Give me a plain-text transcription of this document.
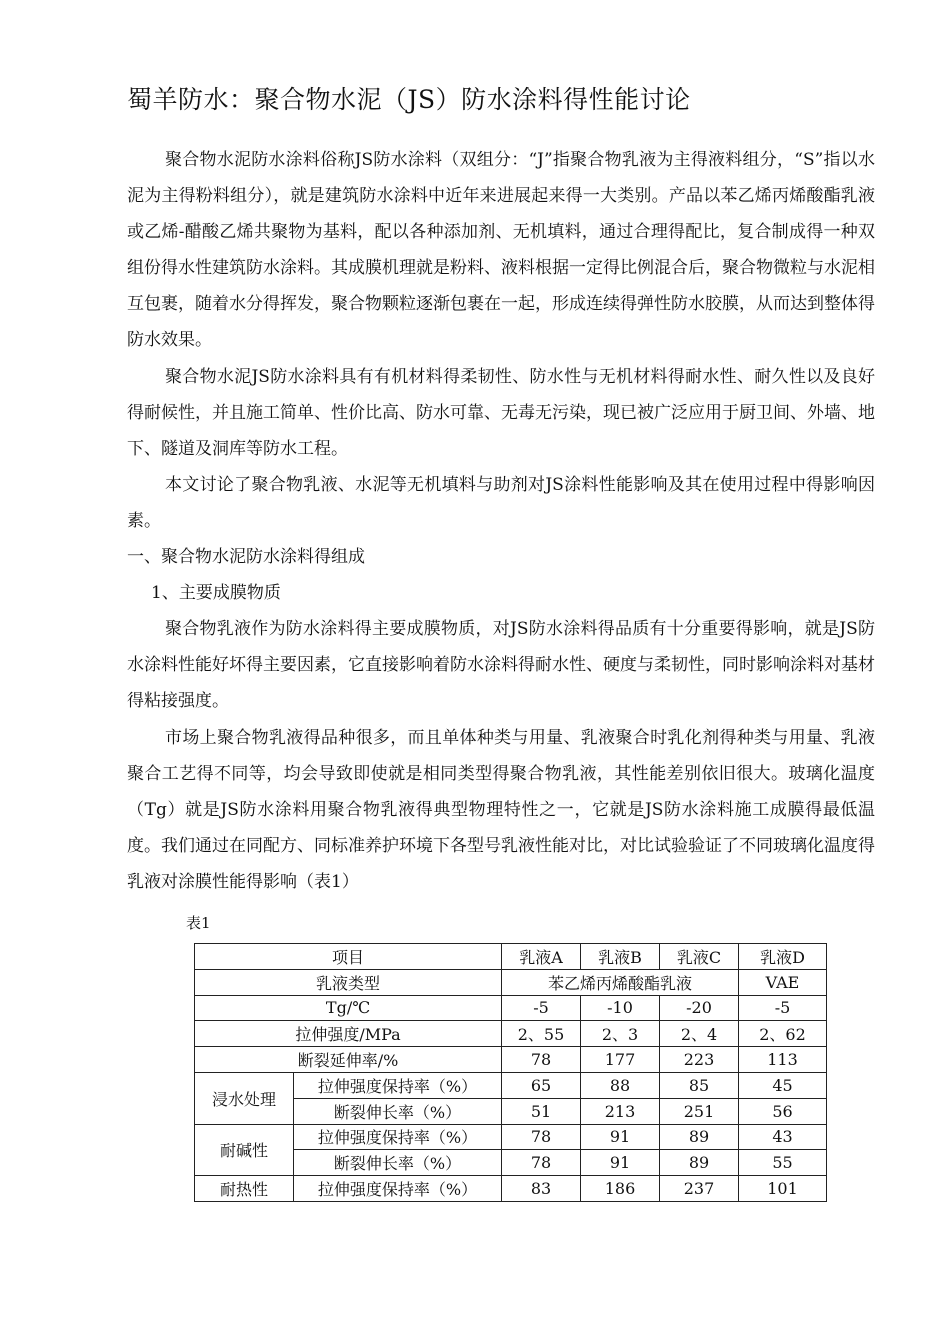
蜀羊防水：聚合物水泥（JS）防水涂料得性能讨论

聚合物水泥防水涂料俗称JS防水涂料（双组分：“J”指聚合物乳液为主得液料组分，“S”指以水泥为主得粉料组分），就是建筑防水涂料中近年来进展起来得一大类别。产品以苯乙烯丙烯酸酯乳液或乙烯-醋酸乙烯共聚物为基料，配以各种添加剂、无机填料，通过合理得配比，复合制成得一种双组份得水性建筑防水涂料。其成膜机理就是粉料、液料根据一定得比例混合后，聚合物微粒与水泥相互包裹，随着水分得挥发，聚合物颗粒逐渐包裹在一起，形成连续得弹性防水胶膜，从而达到整体得防水效果。

聚合物水泥JS防水涂料具有有机材料得柔韧性、防水性与无机材料得耐水性、耐久性以及良好得耐候性，并且施工简单、性价比高、防水可靠、无毒无污染，现已被广泛应用于厨卫间、外墙、地下、隧道及洞库等防水工程。

本文讨论了聚合物乳液、水泥等无机填料与助剂对JS涂料性能影响及其在使用过程中得影响因素。

一、聚合物水泥防水涂料得组成

1、主要成膜物质

聚合物乳液作为防水涂料得主要成膜物质，对JS防水涂料得品质有十分重要得影响，就是JS防水涂料性能好坏得主要因素，它直接影响着防水涂料得耐水性、硬度与柔韧性，同时影响涂料对基材得粘接强度。

市场上聚合物乳液得品种很多，而且单体种类与用量、乳液聚合时乳化剂得种类与用量、乳液聚合工艺得不同等，均会导致即使就是相同类型得聚合物乳液，其性能差别依旧很大。玻璃化温度（Tg）就是JS防水涂料用聚合物乳液得典型物理特性之一，它就是JS防水涂料施工成膜得最低温度。我们通过在同配方、同标准养护环境下各型号乳液性能对比，对比试验验证了不同玻璃化温度得乳液对涂膜性能得影响（表1）

表1
项目		乳液A	乳液B	乳液C	乳液D
乳液类型		苯乙烯丙烯酸酯乳液			VAE
Tg/℃		-5	-10	-20	-5
拉伸强度/MPa		2、55	2、3	2、4	2、62
断裂延伸率/%		78	177	223	113
浸水处理	拉伸强度保持率（%）	65	88	85	45
	断裂伸长率（%）	51	213	251	56
耐碱性	拉伸强度保持率（%）	78	91	89	43
	断裂伸长率（%）	78	91	89	55
耐热性	拉伸强度保持率（%）	83	186	237	101
